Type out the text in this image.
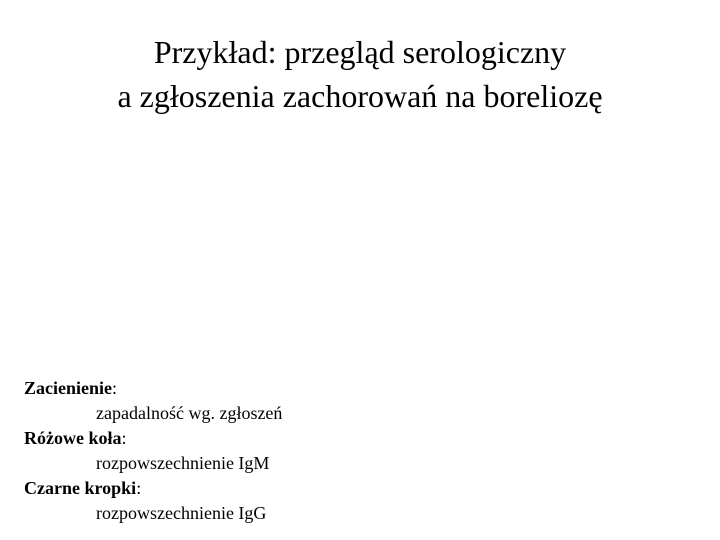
Przykład: przegląd serologiczny
a zgłoszenia zachorowań na boreliozę
Zacienienie:
zapadalność wg. zgłoszeń
Różowe koła:
rozpowszechnienie IgM
Czarne kropki:
rozpowszechnienie IgG
